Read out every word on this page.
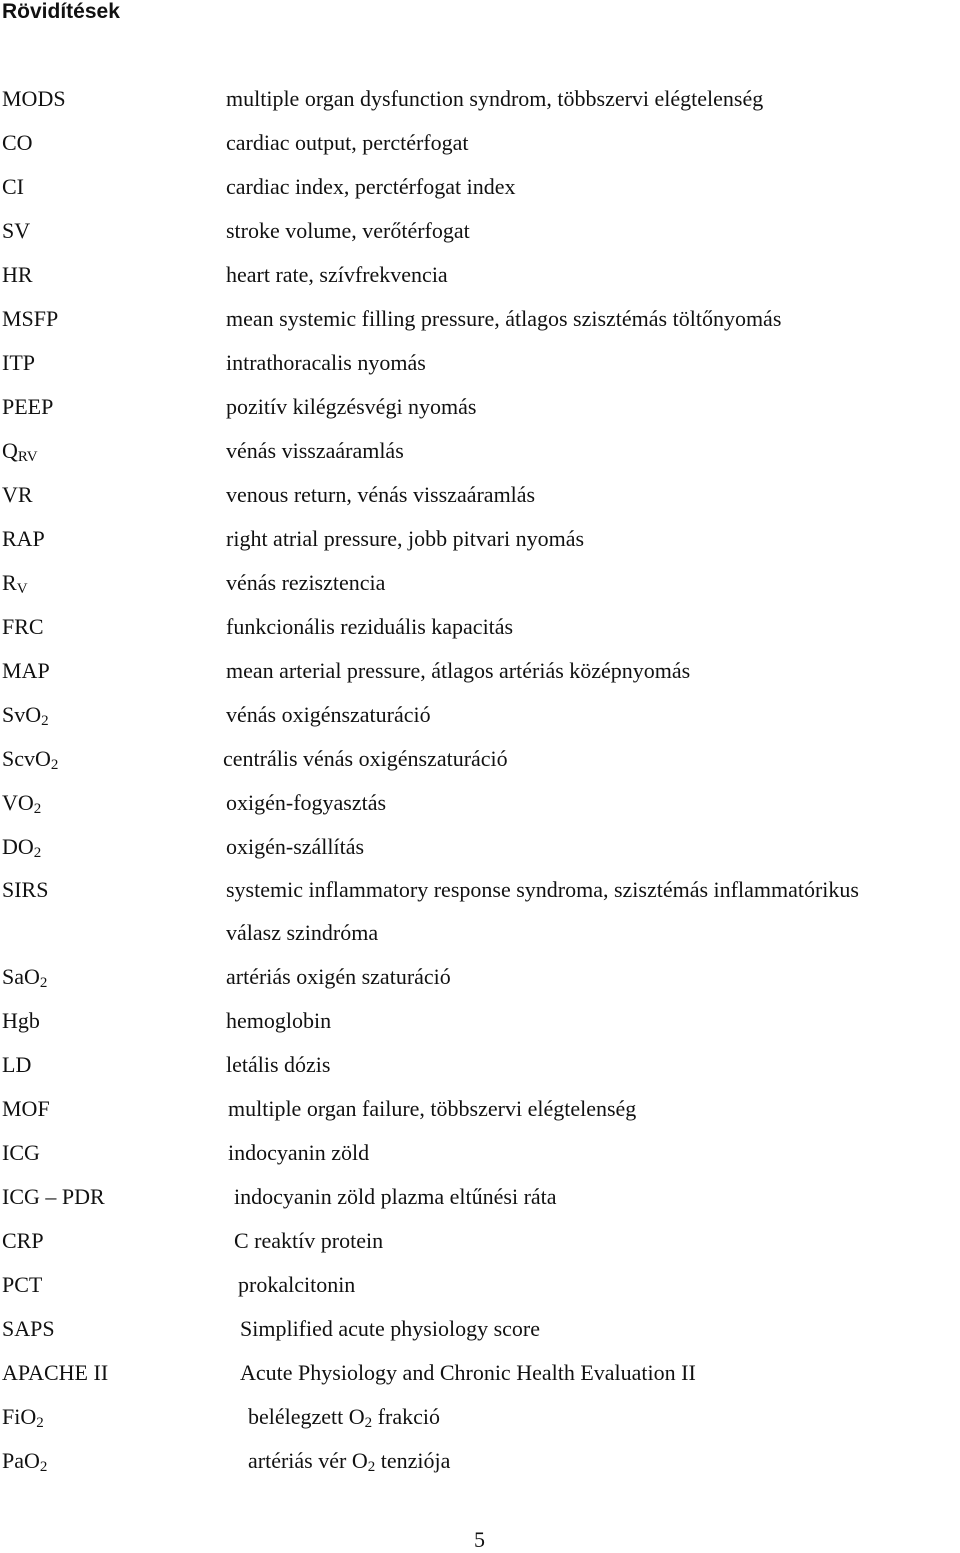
Rövidítések
MODS	multiple organ dysfunction syndrom, többszervi elégtelenség
CO	cardiac output, perctérfogat
CI	cardiac index, perctérfogat index
SV	stroke volume, verőtérfogat
HR	heart rate, szívfrekvencia
MSFP	mean systemic filling pressure, átlagos szisztémás töltőnyomás
ITP	intrathoracalis nyomás
PEEP	pozitív kilégzésvégi nyomás
$Q_{RV}$	vénás visszaáramlás
VR	venous return, vénás visszaáramlás
RAP	right atrial pressure, jobb pitvari nyomás
$R_V$	vénás rezisztencia
FRC	funkcionális reziduális kapacitás
MAP	mean arterial pressure, átlagos artériás középnyomás
SvO$_2$	vénás oxigénszaturáció
ScvO$_2$	centrális vénás oxigénszaturáció
$VO_2$	oxigén-fogyasztás
$DO_2$	oxigén-szállítás
SIRS	systemic inflammatory response syndroma, szisztémás inflammatórikus
válasz szindróma
SaO$_2$	artériás oxigén szaturáció
Hgb	hemoglobin
LD	letális dózis
MOF	multiple organ failure, többszervi elégtelenség
ICG	indocyanin zöld
ICG – PDR	indocyanin zöld plazma eltűnési ráta
CRP	C reaktív protein
PCT	prokalcitonin
SAPS	Simplified acute physiology score
APACHE II	Acute Physiology and Chronic Health Evaluation II
FiO$_2$	belélegzett $O_2$ frakció
PaO$_2$	artériás vér $O_2$ tenziója
5
